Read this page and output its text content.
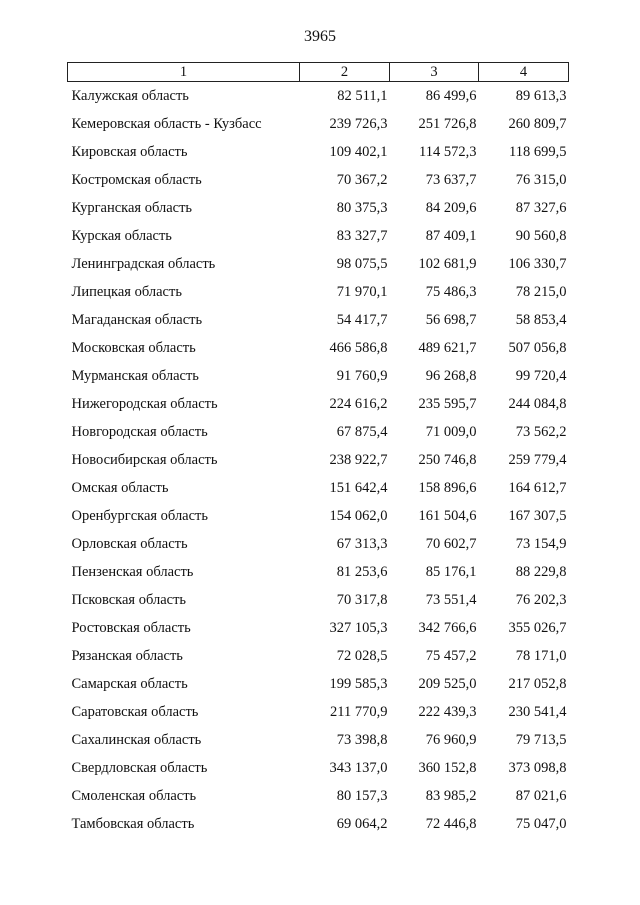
3965
1	2	3	4
Калужская область	82 511,1	86 499,6	89 613,3
Кемеровская область - Кузбасс	239 726,3	251 726,8	260 809,7
Кировская область	109 402,1	114 572,3	118 699,5
Костромская область	70 367,2	73 637,7	76 315,0
Курганская область	80 375,3	84 209,6	87 327,6
Курская область	83 327,7	87 409,1	90 560,8
Ленинградская область	98 075,5	102 681,9	106 330,7
Липецкая область	71 970,1	75 486,3	78 215,0
Магаданская область	54 417,7	56 698,7	58 853,4
Московская область	466 586,8	489 621,7	507 056,8
Мурманская область	91 760,9	96 268,8	99 720,4
Нижегородская область	224 616,2	235 595,7	244 084,8
Новгородская область	67 875,4	71 009,0	73 562,2
Новосибирская область	238 922,7	250 746,8	259 779,4
Омская область	151 642,4	158 896,6	164 612,7
Оренбургская область	154 062,0	161 504,6	167 307,5
Орловская область	67 313,3	70 602,7	73 154,9
Пензенская область	81 253,6	85 176,1	88 229,8
Псковская область	70 317,8	73 551,4	76 202,3
Ростовская область	327 105,3	342 766,6	355 026,7
Рязанская область	72 028,5	75 457,2	78 171,0
Самарская область	199 585,3	209 525,0	217 052,8
Саратовская область	211 770,9	222 439,3	230 541,4
Сахалинская область	73 398,8	76 960,9	79 713,5
Свердловская область	343 137,0	360 152,8	373 098,8
Смоленская область	80 157,3	83 985,2	87 021,6
Тамбовская область	69 064,2	72 446,8	75 047,0
